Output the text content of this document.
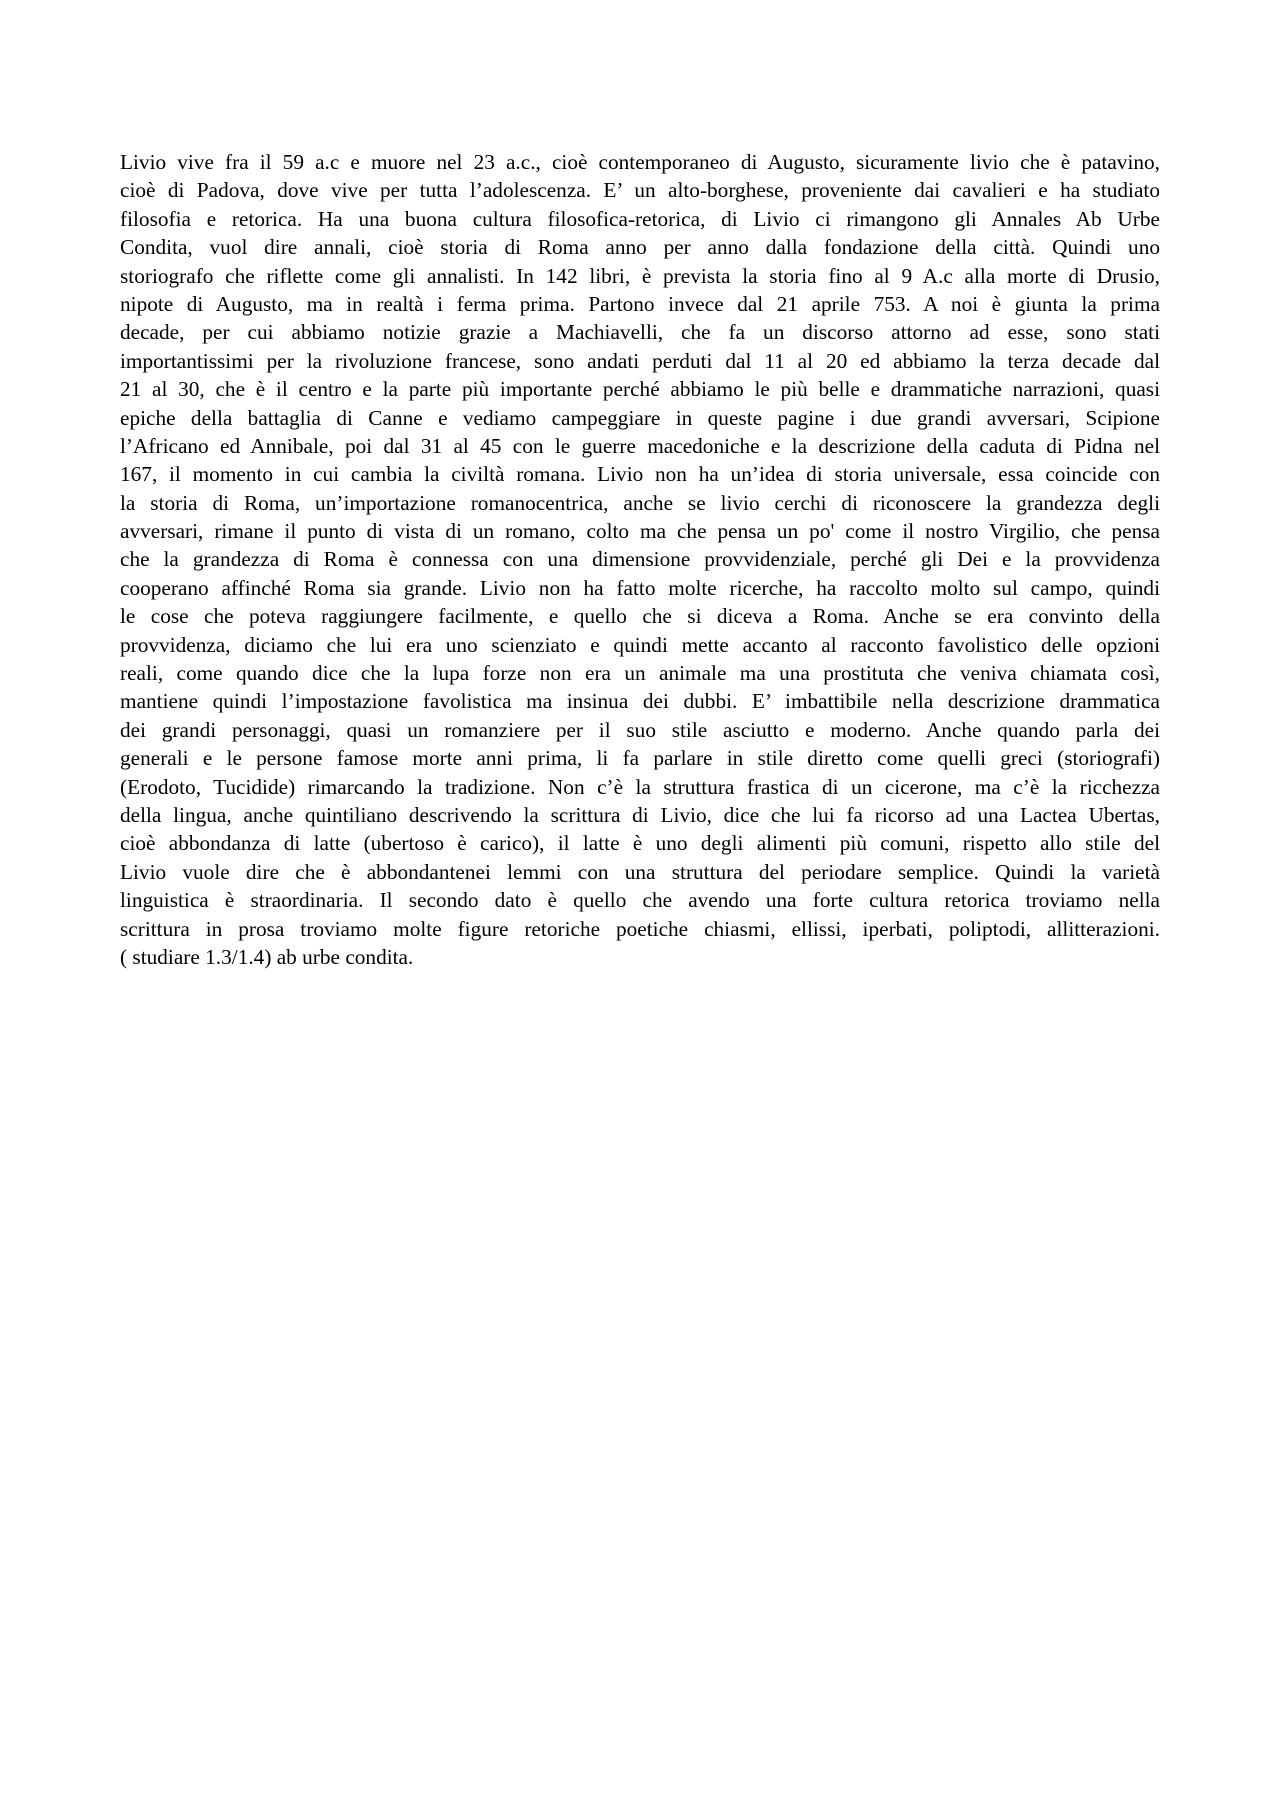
Livio vive fra il 59 a.c e muore nel 23 a.c., cioè contemporaneo di Augusto, sicuramente livio che è patavino,
cioè di Padova, dove vive per tutta l’adolescenza. E’ un alto-borghese, proveniente dai cavalieri e ha studiato
filosofia e retorica. Ha una buona cultura filosofica-retorica, di Livio ci rimangono gli Annales Ab Urbe
Condita, vuol dire annali, cioè storia di Roma anno per anno dalla fondazione della città. Quindi uno
storiografo che riflette come gli annalisti. In 142 libri, è prevista la storia fino al 9 A.c alla morte di Drusio,
nipote di Augusto, ma in realtà i ferma prima. Partono invece dal 21 aprile 753. A noi è giunta la prima
decade, per cui abbiamo notizie grazie a Machiavelli, che fa un discorso attorno ad esse, sono stati
importantissimi per la rivoluzione francese, sono andati perduti dal 11 al 20 ed abbiamo la terza decade dal
21 al 30, che è il centro e la parte più importante perché abbiamo le più belle e drammatiche narrazioni, quasi
epiche della battaglia di Canne e vediamo campeggiare in queste pagine i due grandi avversari, Scipione
l’Africano ed Annibale, poi dal 31 al 45 con le guerre macedoniche e la descrizione della caduta di Pidna nel
167, il momento in cui cambia la civiltà romana. Livio non ha un’idea di storia universale, essa coincide con
la storia di Roma, un’importazione romanocentrica, anche se livio cerchi di riconoscere la grandezza degli
avversari, rimane il punto di vista di un romano, colto ma che pensa un po' come il nostro Virgilio, che pensa
che la grandezza di Roma è connessa con una dimensione provvidenziale, perché gli Dei e la provvidenza
cooperano affinché Roma sia grande. Livio non ha fatto molte ricerche, ha raccolto molto sul campo, quindi
le cose che poteva raggiungere facilmente, e quello che si diceva a Roma. Anche se era convinto della
provvidenza, diciamo che lui era uno scienziato e quindi mette accanto al racconto favolistico delle opzioni
reali, come quando dice che la lupa forze non era un animale ma una prostituta che veniva chiamata così,
mantiene quindi l’impostazione favolistica ma insinua dei dubbi. E’ imbattibile nella descrizione drammatica
dei grandi personaggi, quasi un romanziere per il suo stile asciutto e moderno. Anche quando parla dei
generali e le persone famose morte anni prima, li fa parlare in stile diretto come quelli greci (storiografi)
(Erodoto, Tucidide) rimarcando la tradizione. Non c’è la struttura frastica di un cicerone, ma c’è la ricchezza
della lingua, anche quintiliano descrivendo la scrittura di Livio, dice che lui fa ricorso ad una Lactea Ubertas,
cioè abbondanza di latte (ubertoso è carico), il latte è uno degli alimenti più comuni, rispetto allo stile del
Livio vuole dire che è abbondantenei lemmi con una struttura del periodare semplice. Quindi la varietà
linguistica è straordinaria. Il secondo dato è quello che avendo una forte cultura retorica troviamo nella
scrittura in prosa troviamo molte figure retoriche poetiche chiasmi, ellissi, iperbati, poliptodi, allitterazioni.
( studiare 1.3/1.4) ab urbe condita.
